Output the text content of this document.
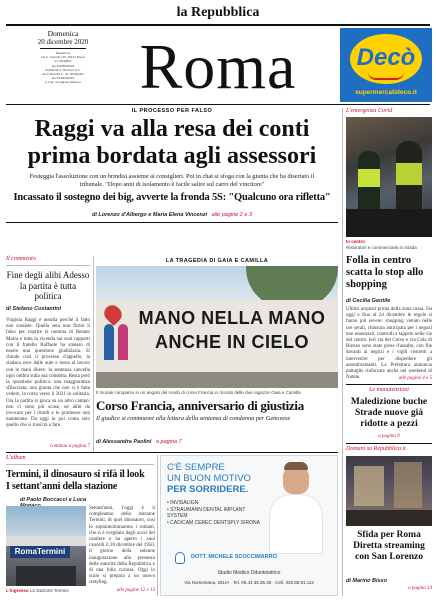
la Repubblica
Domenica
20 dicembre 2020
Redazione
via C. Colombo 90, 00147 Roma
tel. 06/49821
fax 06/49822923
Pubblicità A. Manzoni & C.
via di Novella 9 - tel. 06/492461
fax 06/49246401
e-mail: roma@repubblica.it Roma	Decò
supermercatideco.it
IL PROCESSO PER FALSO
Raggi va alla resa dei conti
prima bordata agli assessori
Festeggia l'assoluzione con un brindisi assieme ai consiglieri. Poi in chat si sfoga con la giunta che ha disertato il tribunale. "Dopo anni di isolamento è facile salire sul carro del vincitore"
Incassato il sostegno dei big, avverte la fronda 5S: "Qualcuno ora rifletta"
di Lorenzo d'Albergo e Maria Elena Vincenzi alle pagine 2 e 3
L'emergenza Covid
In centro
Ristoratori e commercianti in strada
Folla in centro scatta lo stop allo shopping
di Cecilia Gentile
Ultimi acquisti prima della zona rossa. Da oggi e fino al 24 dicembre le regole si fanno più severe: shopping vietato nelle ore serali, chiusura anticipata per i negozi non essenziali, controlli a tappeto nelle vie del centro. Ieri via del Corso e via Cola di Rienzo sono state prese d'assalto, con file davanti ai negozi e i vigili costretti a intervenire per disperdere gli assembramenti. La Prefettura annuncia pattuglie rinforzate anche nel weekend di Natale.	alle pagine 4 e 5
Le manutenzioni
Maledizione buche Strade nuove già ridotte a pezzi
a pagina 9
Domani su Repubblica.it
Sfida per Roma Diretta streaming con San Lorenzo
di Marino Bisso
a pagina 14
Il commento
Fine degli alibi Adesso la partita è tutta politica
di Stefano Costantini
Virginia Raggi è assolta perché il fatto non sussiste. Quella sera non firmò il falso per coprire la nomina di Renato Marra e tutta la vicenda sui suoi rapporti con il fratello Raffaele ha smesso di essere una questione giudiziaria. Si chiude così il processo d'appello, la sindaca esce dalle aule e torna al lavoro con le mani libere: la sentenza cancella ogni ombra sulla sua condotta. Resta però la questione politica: una maggioranza sfilacciata, una giunta che non si è fatta vedere, la corsa verso il 2021 in solitaria. Ora la partita si gioca su un altro campo: non ci sono più scuse, né alibi da invocare per i ritardi e le promesse non mantenute. Da oggi in poi conta solo quello che si riuscirà a fare.
continua a pagina 7
LA TRAGEDIA DI GAIA E CAMILLA
MANO NELLA MANO
ANCHE IN CIELO
Il murale comparso in un angolo del rondò di corso Francia in ricordo delle due ragazze Gaia e Camilla
Corso Francia, anniversario di giustizia
Il giudice si commuove alla lettura della sentenza di condanna per Genovese
di Alessandra Paolini a pagina 7
L'album
Termini, il dinosauro si rifà il look
I settant'anni della stazione
di Paolo Boccacci e Luca
RomaTermini
L'ingresso La stazione Termini
Settant'anni, l'oggi è il compleanno della stazione Termini, di quel dinosauro, così lo soprannominarono i romani, che si è svegliato dagli scavi del cantiere e ha aperto i suoi cancelli il 20 dicembre del 1950, il giorno della solenne inaugurazione alla presenza delle autorità della Repubblica e di una folla curiosa. Oggi lo scalo si prepara a un nuovo restyling.
alle pagine 12 e 13
C'È SEMPRE
UN BUON MOTIVO
PER SORRIDERE.
• INVISALIGN
• STRAUMANN DENTAL IMPLANT SYSTEM
• CAD/CAM CEREC DENTSPLY SIRONA
DOTT. MICHELE SCOCCIMARRO
Studio Medico Odontoiatrico
Via Nomentana, 251/A · Tel. 06.44.36.35.36 · Cell. 339.88.91.112
